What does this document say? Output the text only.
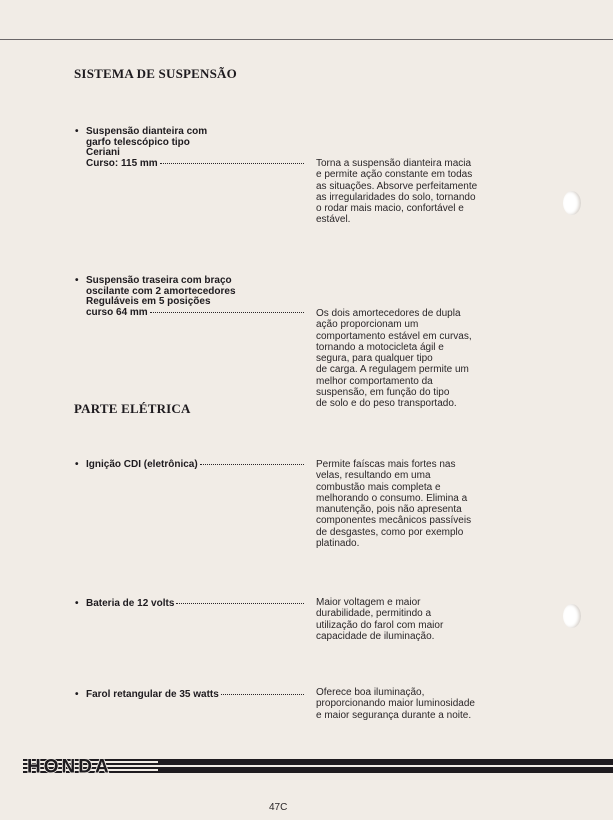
SISTEMA DE SUSPENSÃO
• Suspensão dianteira com
garfo telescópico tipo
Ceriani
Curso: 115 mm	Torna a suspensão dianteira macia
e permite ação constante em todas
as situações. Absorve perfeitamente
as irregularidades do solo, tornando
o rodar mais macio, confortável e
estável.
• Suspensão traseira com braço
oscilante com 2 amortecedores
Reguláveis em 5 posições
curso 64 mm	Os dois amortecedores de dupla
ação proporcionam um
comportamento estável em curvas,
tornando a motocicleta ágil e
segura, para qualquer tipo
de carga. A regulagem permite um
melhor comportamento da
suspensão, em função do tipo
de solo e do peso transportado.
PARTE ELÉTRICA
• Ignição CDI (eletrônica)	Permite faíscas mais fortes nas
velas, resultando em uma
combustão mais completa e
melhorando o consumo. Elimina a
manutenção, pois não apresenta
componentes mecânicos passíveis
de desgastes, como por exemplo
platinado.
• Bateria de 12 volts	Maior voltagem e maior
durabilidade, permitindo a
utilização do farol com maior
capacidade de iluminação.
• Farol retangular de 35 watts	Oferece boa iluminação,
proporcionando maior luminosidade
e maior segurança durante a noite.
HONDA
47C
